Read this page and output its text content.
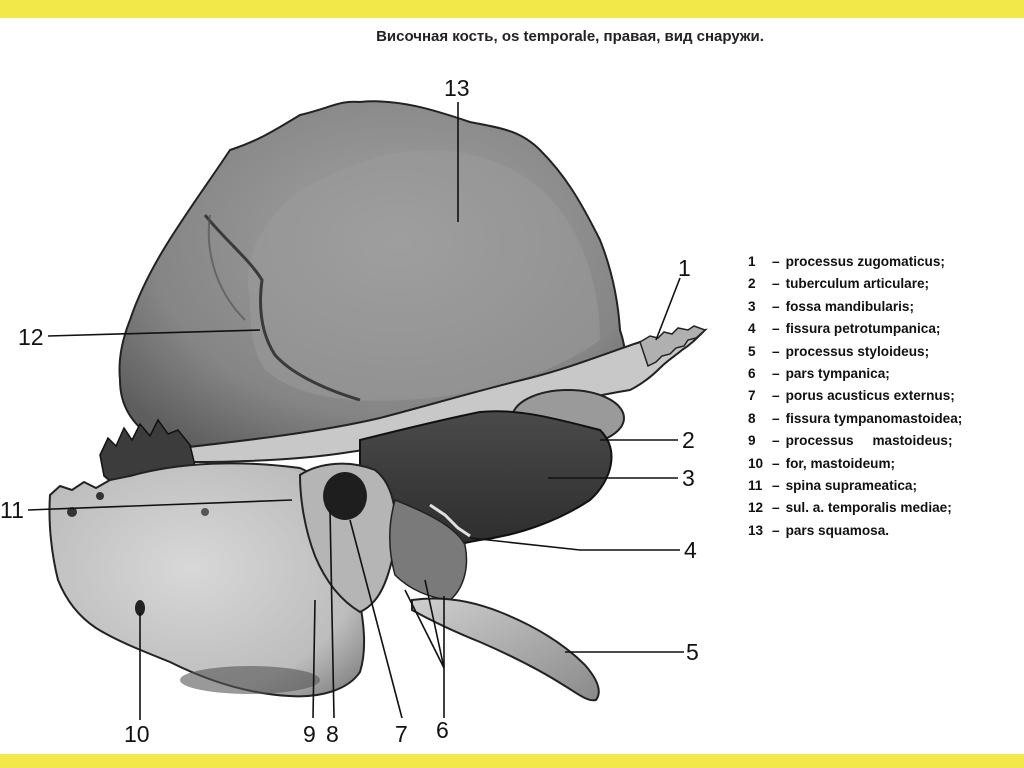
Височная кость, os temporale, правая, вид снаружи.
13
12
1
2
3
4
5
11
10	9 8 7 6
1 – processus zugomaticus;
2 – tuberculum articulare;
3 – fossa mandibularis;
4 – fissura petrotumpanica;
5 – processus styloideus;
6 – pars tympanica;
7 – porus acusticus externus;
8 – fissura tympanomastoidea;
9 – processus     mastoideus;
10 – for, mastoideum;
11 – spina suprameatica;
12 – sul. a. temporalis mediae;
13 – pars squamosa.
